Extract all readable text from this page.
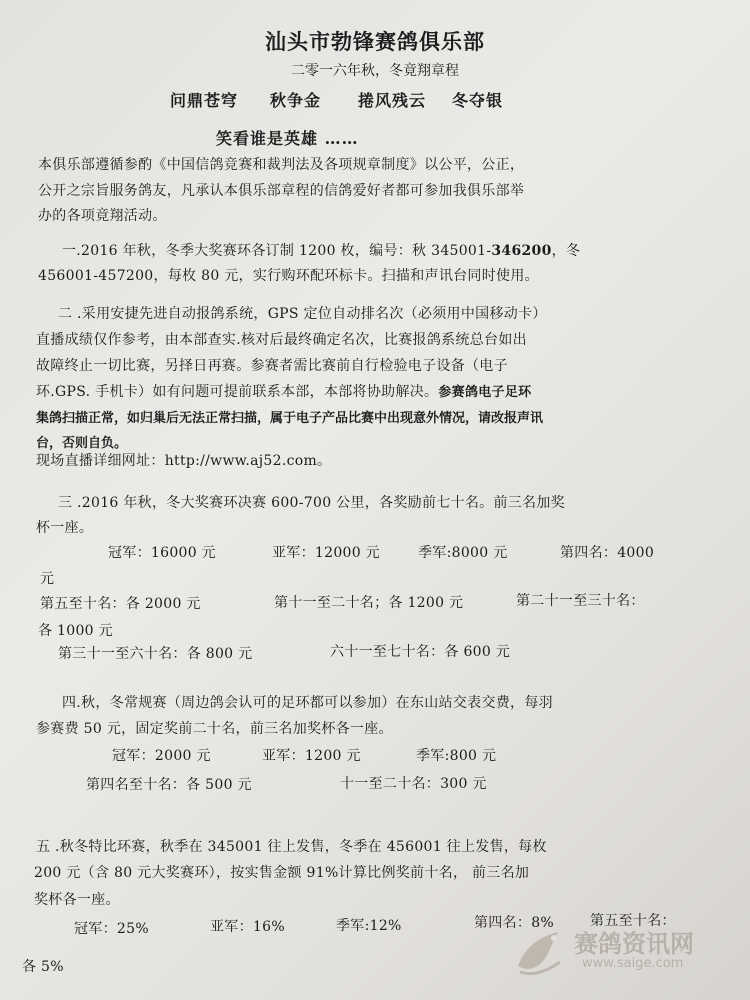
汕头市勃锋赛鸽俱乐部
二零一六年秋，冬竟翔章程
问鼎苍穹 秋争金 捲风残云 冬夺银
笑看谁是英雄 ……
本俱乐部遵循参酌《中国信鸽竞赛和裁判法及各项规章制度》以公平，公正，
公开之宗旨服务鸽友，凡承认本俱乐部章程的信鸽爱好者都可参加我俱乐部举
办的各项竟翔活动。
一.2016 年秋，冬季大奖赛环各订制 1200 枚，编号：秋 345001-346200，冬
456001-457200，每枚 80 元，实行购环配环标卡。扫描和声讯台同时使用。
二 .采用安捷先进自动报鸽系统，GPS 定位自动排名次（必须用中国移动卡）
直播成绩仅作参考，由本部查实.核对后最终确定名次，比赛报鸽系统总台如出
故障终止一切比赛，另择日再赛。参赛者需比赛前自行检验电子设备（电子
环.GPS. 手机卡）如有问题可提前联系本部，本部将协助解决。参赛鸽电子足环
集鸽扫描正常，如归巢后无法正常扫描，属于电子产品比赛中出现意外情况，请改报声讯
台，否则自负。
现场直播详细网址：http://www.aj52.com。
三 .2016 年秋，冬大奖赛环决赛 600-700 公里，各奖励前七十名。前三名加奖
杯一座。
冠军：16000 元	亚军：12000 元	季军:8000 元	第四名：4000
元
第五至十名：各 2000 元	第十一至二十名；各 1200 元	第二十一至三十名：
各 1000 元
第三十一至六十名：各 800 元	六十一至七十名：各 600 元
四.秋，冬常规赛（周边鸽会认可的足环都可以参加）在东山站交表交费，每羽
参赛费 50 元，固定奖前二十名，前三名加奖杯各一座。
冠军：2000 元	亚军：1200 元	季军:800 元
第四名至十名：各 500 元	十一至二十名：300 元
五 .秋冬特比环赛，秋季在 345001 往上发售，冬季在 456001 往上发售，每枚
200 元（含 80 元大奖赛环），按实售金额 91%计算比例奖前十名， 前三名加
奖杯各一座。
冠军：25%	亚军：16%	季军:12%	第四名：8%	第五至十名：
各 5%
赛鸽资讯网
www.saige.com
